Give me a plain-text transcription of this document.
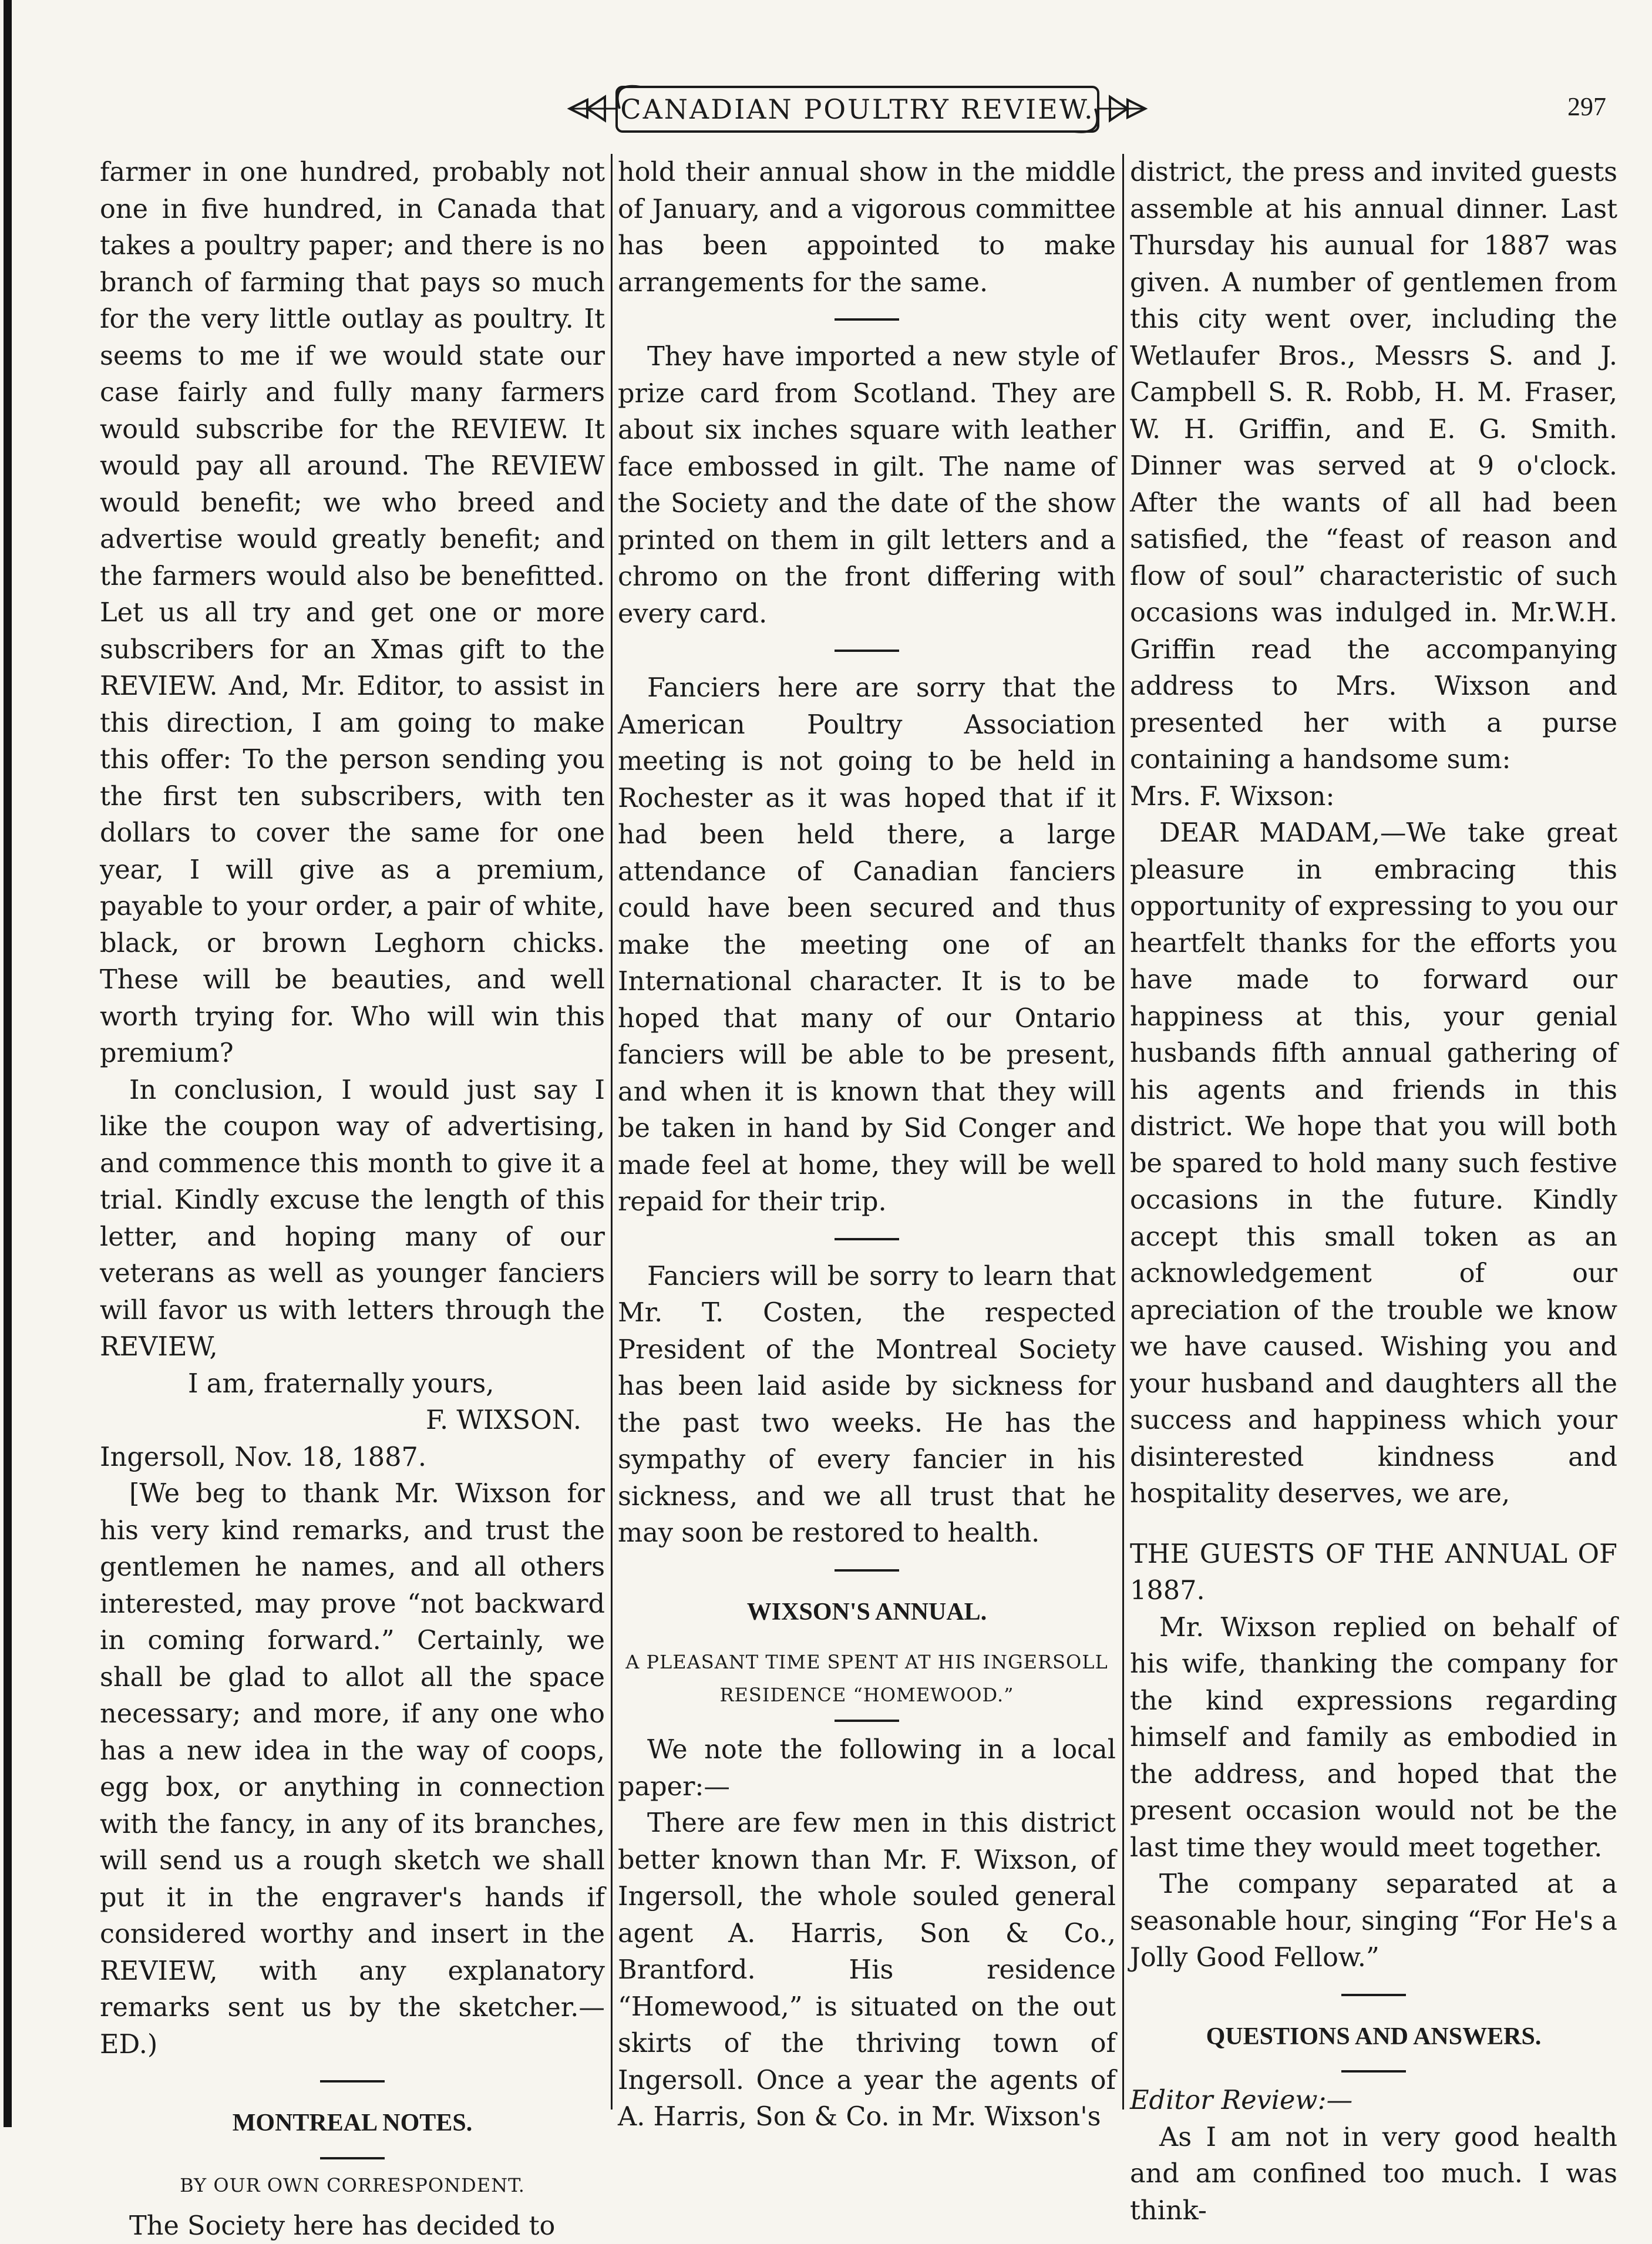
CANADIAN POULTRY REVIEW.	297

farmer in one hundred, probably not one in five hundred, in Canada that takes a poultry paper; and there is no branch of farming that pays so much for the very little outlay as poultry. It seems to me if we would state our case fairly and fully many farmers would subscribe for the REVIEW. It would pay all around. The REVIEW would benefit; we who breed and advertise would greatly benefit; and the farmers would also be benefitted. Let us all try and get one or more subscribers for an Xmas gift to the REVIEW. And, Mr. Editor, to assist in this direction, I am going to make this offer: To the person sending you the first ten subscribers, with ten dollars to cover the same for one year, I will give as a premium, payable to your order, a pair of white, black, or brown Leghorn chicks. These will be beauties, and well worth trying for. Who will win this premium?

In conclusion, I would just say I like the coupon way of advertising, and commence this month to give it a trial. Kindly excuse the length of this letter, and hoping many of our veterans as well as younger fanciers will favor us with letters through the REVIEW,

I am, fraternally yours,

F. WIXSON.

Ingersoll, Nov. 18, 1887.

[We beg to thank Mr. Wixson for his very kind remarks, and trust the gentlemen he names, and all others interested, may prove “not backward in coming forward.” Certainly, we shall be glad to allot all the space necessary; and more, if any one who has a new idea in the way of coops, egg box, or anything in connection with the fancy, in any of its branches, will send us a rough sketch we shall put it in the engraver's hands if considered worthy and insert in the REVIEW, with any explanatory remarks sent us by the sketcher.—ED.)

MONTREAL NOTES.

BY OUR OWN CORRESPONDENT.

The Society here has decided to

hold their annual show in the middle of January, and a vigorous committee has been appointed to make arrangements for the same.

They have imported a new style of prize card from Scotland. They are about six inches square with leather face embossed in gilt. The name of the Society and the date of the show printed on them in gilt letters and a chromo on the front differing with every card.

Fanciers here are sorry that the American Poultry Association meeting is not going to be held in Rochester as it was hoped that if it had been held there, a large attendance of Canadian fanciers could have been secured and thus make the meeting one of an International character. It is to be hoped that many of our Ontario fanciers will be able to be present, and when it is known that they will be taken in hand by Sid Conger and made feel at home, they will be well repaid for their trip.

Fanciers will be sorry to learn that Mr. T. Costen, the respected President of the Montreal Society has been laid aside by sickness for the past two weeks. He has the sympathy of every fancier in his sickness, and we all trust that he may soon be restored to health.

WIXSON'S ANNUAL.

A PLEASANT TIME SPENT AT HIS INGERSOLL RESIDENCE “HOMEWOOD.”

We note the following in a local paper:—

There are few men in this district better known than Mr. F. Wixson, of Ingersoll, the whole souled general agent A. Harris, Son & Co., Brantford. His residence “Homewood,” is situated on the out skirts of the thriving town of Ingersoll. Once a year the agents of A. Harris, Son & Co. in Mr. Wixson's

district, the press and invited guests assemble at his annual dinner. Last Thursday his aunual for 1887 was given. A number of gentlemen from this city went over, including the Wetlaufer Bros., Messrs S. and J. Campbell S. R. Robb, H. M. Fraser, W. H. Griffin, and E. G. Smith. Dinner was served at 9 o'clock. After the wants of all had been satisfied, the “feast of reason and flow of soul” characteristic of such occasions was indulged in. Mr.W.H. Griffin read the accompanying address to Mrs. Wixson and presented her with a purse containing a handsome sum:

Mrs. F. Wixson:

DEAR MADAM,—We take great pleasure in embracing this opportunity of expressing to you our heartfelt thanks for the efforts you have made to forward our happiness at this, your genial husbands fifth annual gathering of his agents and friends in this district. We hope that you will both be spared to hold many such festive occasions in the future. Kindly accept this small token as an acknowledgement of our apreciation of the trouble we know we have caused. Wishing you and your husband and daughters all the success and happiness which your disinterested kindness and hospitality deserves, we are,

THE GUESTS OF THE ANNUAL OF 1887.

Mr. Wixson replied on behalf of his wife, thanking the company for the kind expressions regarding himself and family as embodied in the address, and hoped that the present occasion would not be the last time they would meet together.

The company separated at a seasonable hour, singing “For He's a Jolly Good Fellow.”

QUESTIONS AND ANSWERS.

Editor Review:—

As I am not in very good health and am confined too much. I was think-
